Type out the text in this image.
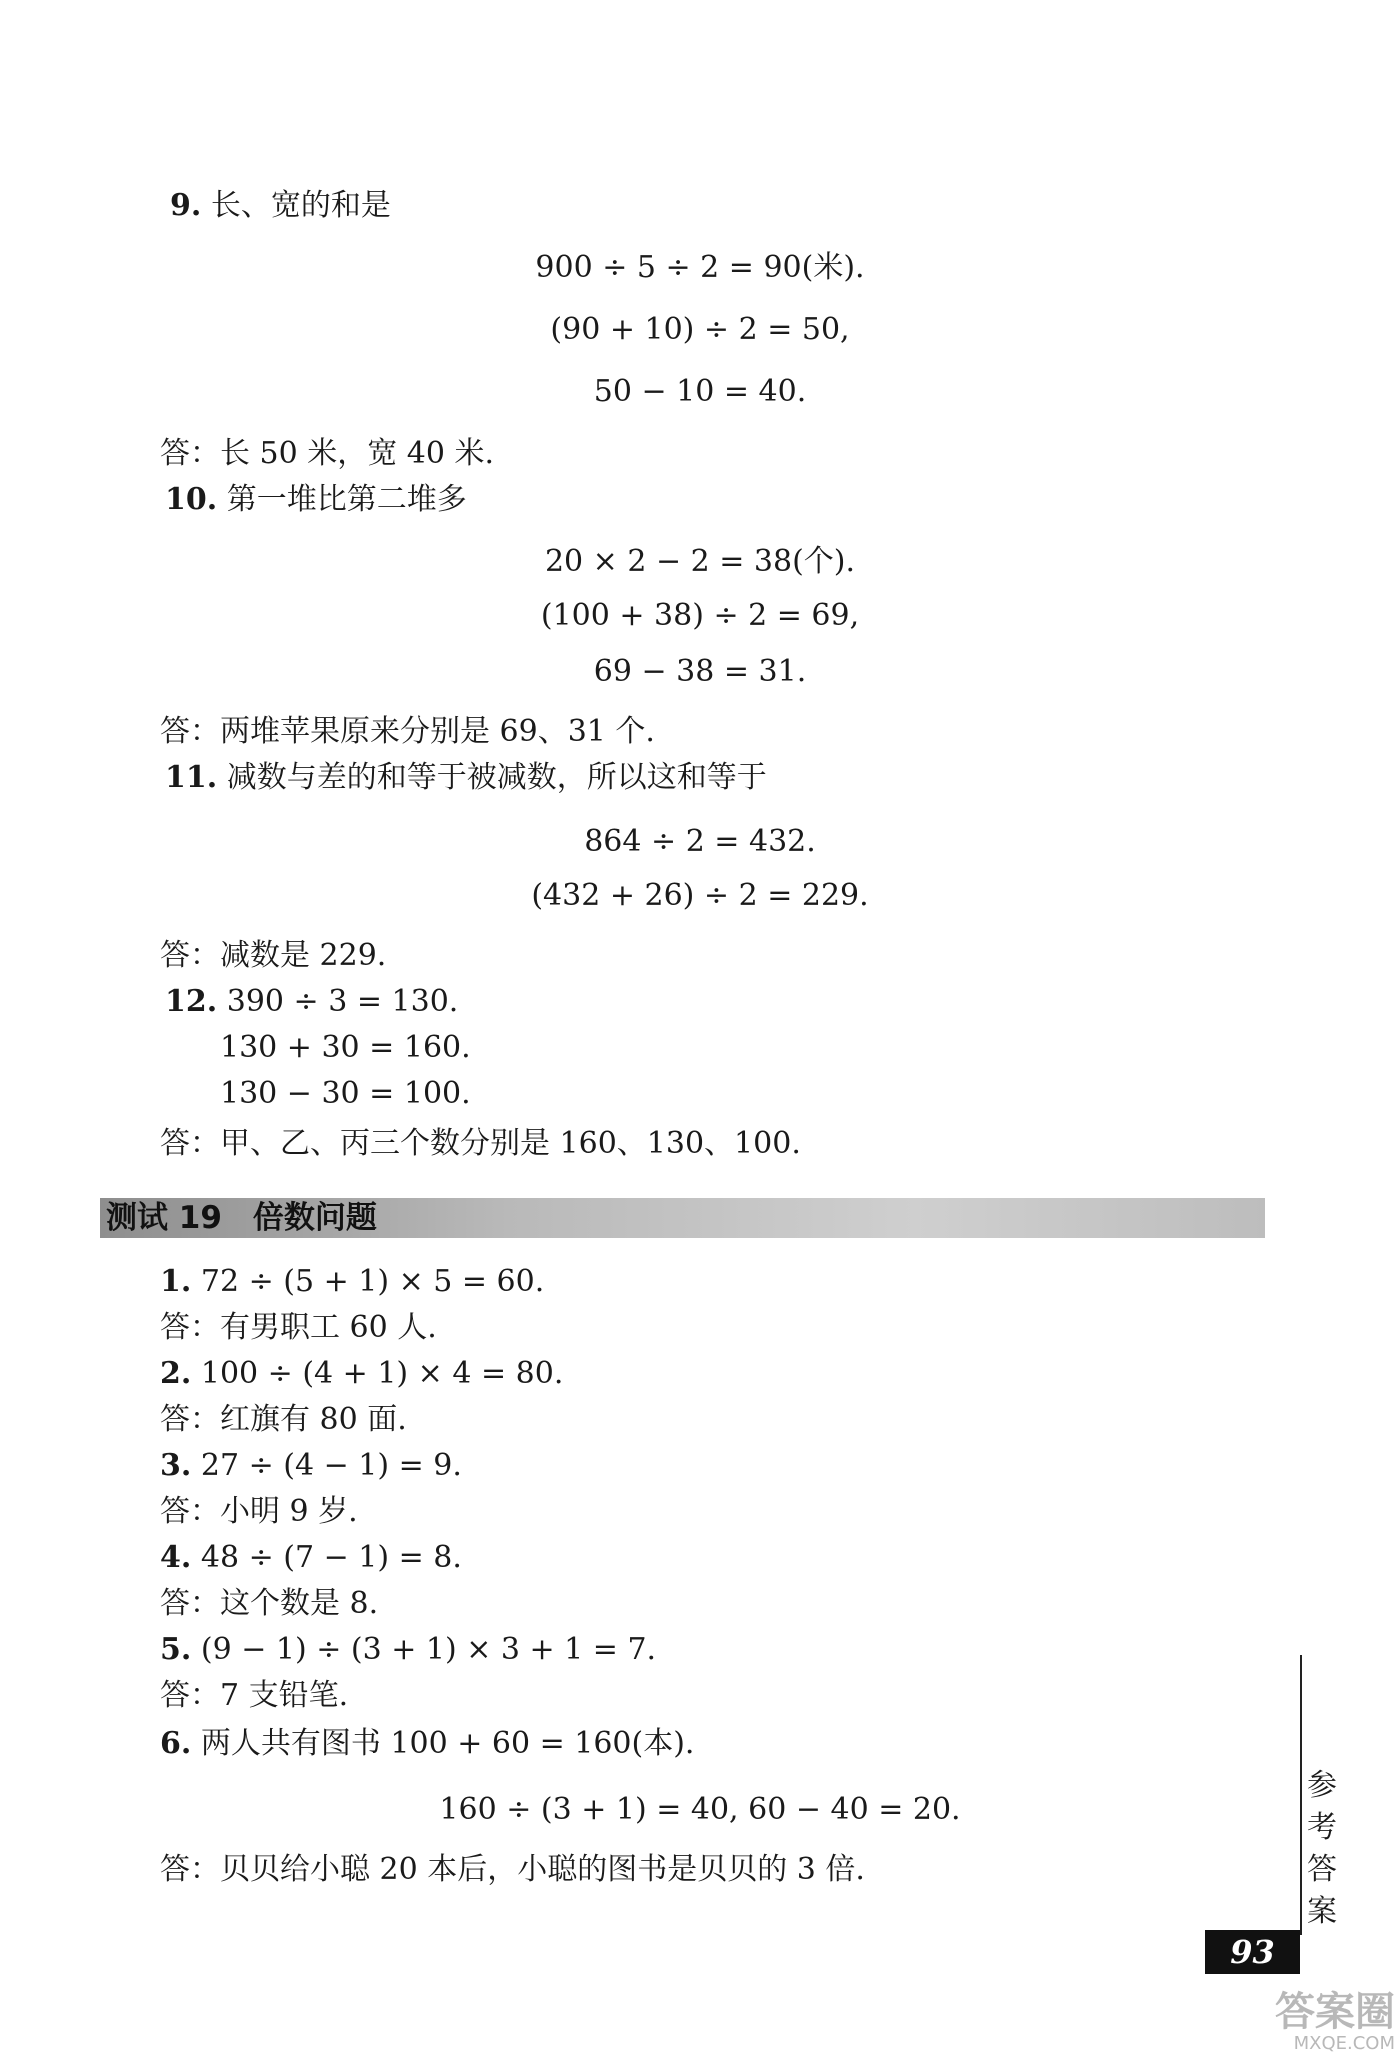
9. 长、宽的和是
900 ÷ 5 ÷ 2 = 90(米).
(90 + 10) ÷ 2 = 50,
50 − 10 = 40.
答：长 50 米，宽 40 米.
10. 第一堆比第二堆多
20 × 2 − 2 = 38(个).
(100 + 38) ÷ 2 = 69,
69 − 38 = 31.
答：两堆苹果原来分别是 69、31 个.
11. 减数与差的和等于被减数，所以这和等于
864 ÷ 2 = 432.
(432 + 26) ÷ 2 = 229.
答：减数是 229.
12. 390 ÷ 3 = 130.
130 + 30 = 160.
130 − 30 = 100.
答：甲、乙、丙三个数分别是 160、130、100.
测试 19　倍数问题
1. 72 ÷ (5 + 1) × 5 = 60.
答：有男职工 60 人.
2. 100 ÷ (4 + 1) × 4 = 80.
答：红旗有 80 面.
3. 27 ÷ (4 − 1) = 9.
答：小明 9 岁.
4. 48 ÷ (7 − 1) = 8.
答：这个数是 8.
5. (9 − 1) ÷ (3 + 1) × 3 + 1 = 7.
答：7 支铅笔.
6. 两人共有图书 100 + 60 = 160(本).
160 ÷ (3 + 1) = 40, 60 − 40 = 20.
答：贝贝给小聪 20 本后，小聪的图书是贝贝的 3 倍.
参
考
答
案
93
答案圈
MXQE.COM
